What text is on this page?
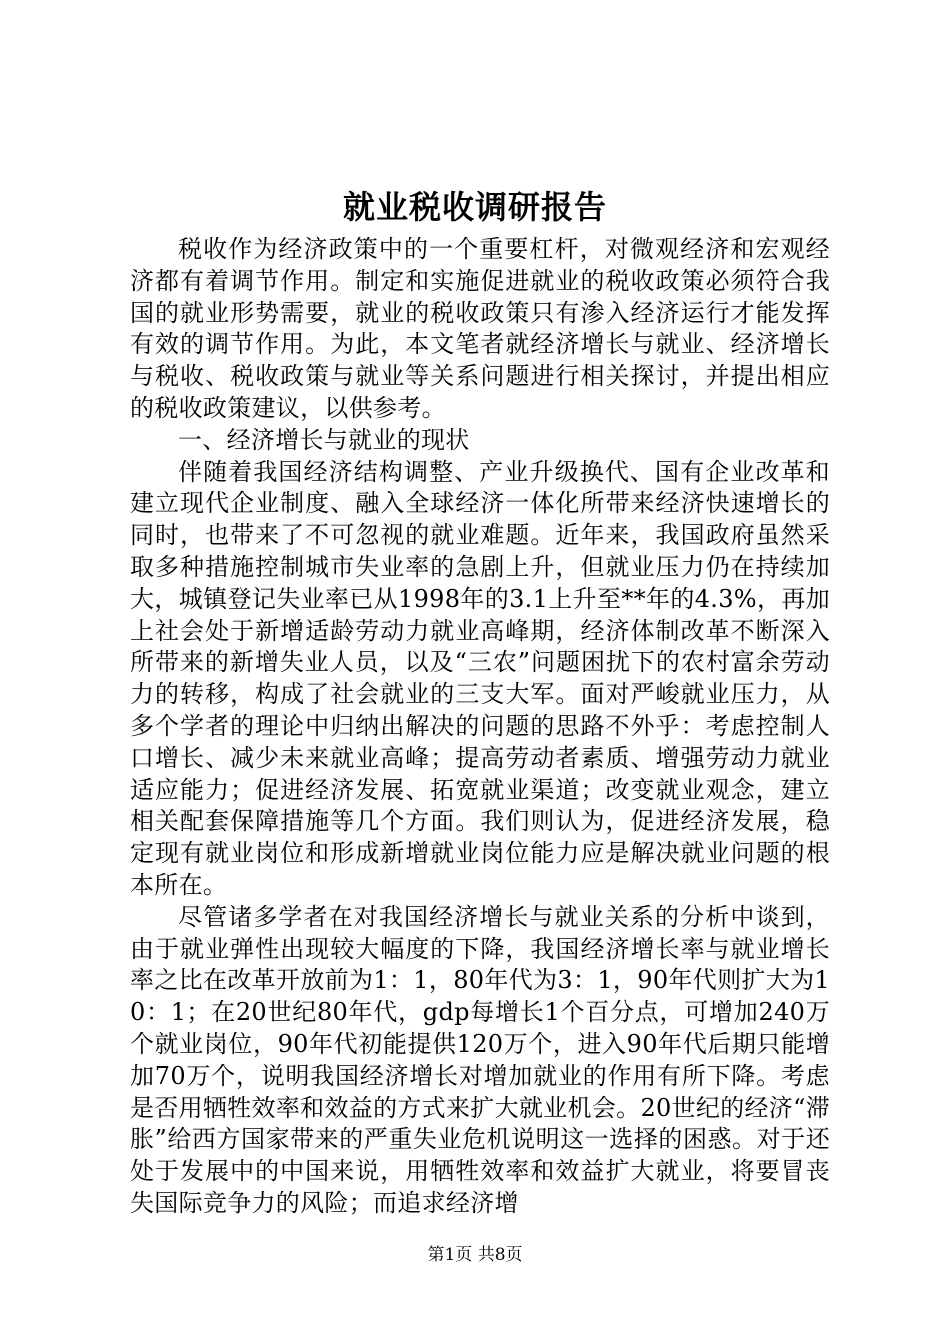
就业税收调研报告

税收作为经济政策中的一个重要杠杆，对微观经济和宏观经济都有着调节作用。制定和实施促进就业的税收政策必须符合我国的就业形势需要，就业的税收政策只有渗入经济运行才能发挥有效的调节作用。为此，本文笔者就经济增长与就业、经济增长与税收、税收政策与就业等关系问题进行相关探讨，并提出相应的税收政策建议，以供参考。

一、经济增长与就业的现状

伴随着我国经济结构调整、产业升级换代、国有企业改革和建立现代企业制度、融入全球经济一体化所带来经济快速增长的同时，也带来了不可忽视的就业难题。近年来，我国政府虽然采取多种措施控制城市失业率的急剧上升，但就业压力仍在持续加大，城镇登记失业率已从1998年的3.1上升至**年的4.3%，再加上社会处于新增适龄劳动力就业高峰期，经济体制改革不断深入所带来的新增失业人员，以及“三农”问题困扰下的农村富余劳动力的转移，构成了社会就业的三支大军。面对严峻就业压力，从多个学者的理论中归纳出解决的问题的思路不外乎：考虑控制人口增长、减少未来就业高峰；提高劳动者素质、增强劳动力就业适应能力；促进经济发展、拓宽就业渠道；改变就业观念，建立相关配套保障措施等几个方面。我们则认为，促进经济发展，稳定现有就业岗位和形成新增就业岗位能力应是解决就业问题的根本所在。

尽管诸多学者在对我国经济增长与就业关系的分析中谈到，由于就业弹性出现较大幅度的下降，我国经济增长率与就业增长率之比在改革开放前为1：1，80年代为3：1，90年代则扩大为10：1；在20世纪80年代，gdp每增长1个百分点，可增加240万个就业岗位，90年代初能提供120万个，进入90年代后期只能增加70万个，说明我国经济增长对增加就业的作用有所下降。考虑是否用牺牲效率和效益的方式来扩大就业机会。20世纪的经济“滞胀”给西方国家带来的严重失业危机说明这一选择的困惑。对于还处于发展中的中国来说，用牺牲效率和效益扩大就业，将要冒丧失国际竞争力的风险；而追求经济增

第1页 共8页
